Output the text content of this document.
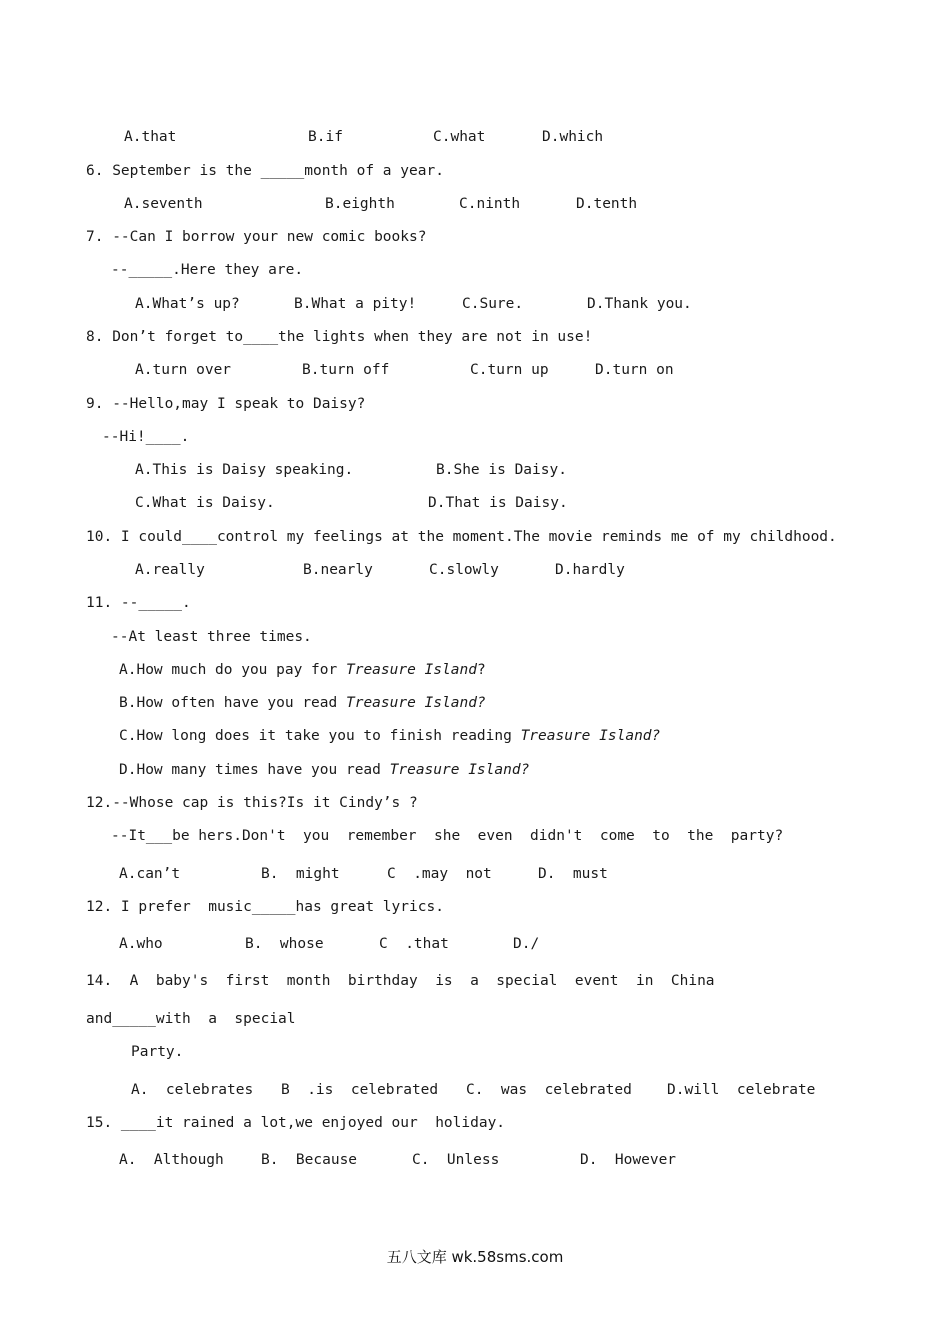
A.that	B.if	C.what	D.which
6. September is the _____month of a year.
A.seventh	B.eighth	C.ninth	D.tenth
7. --Can I borrow your new comic books?
--_____.Here they are.
A.What’s up?	B.What a pity!	C.Sure.	D.Thank you.
8. Don’t forget to____the lights when they are not in use!
A.turn over	B.turn off	C.turn up	D.turn on
9. --Hello,may I speak to Daisy?
--Hi!____.
A.This is Daisy speaking.	B.She is Daisy.
C.What is Daisy.	D.That is Daisy.
10. I could____control my feelings at the moment.The movie reminds me of my childhood.
A.really	B.nearly	C.slowly	D.hardly
11. --_____.
--At least three times.
A.How much do you pay for Treasure Island?
B.How often have you read Treasure Island?
C.How long does it take you to finish reading Treasure Island?
D.How many times have you read Treasure Island?
12.--Whose cap is this?Is it Cindy’s ?
--It___be hers.Don't  you  remember  she  even  didn't  come  to  the  party?
A.can’t	B.  might	C  .may  not	D.  must
12. I prefer  music_____has great lyrics.
A.who	B.  whose	C  .that	D./
14.  A  baby's  first  month  birthday  is  a  special  event  in  China
and_____with  a  special
Party.
A.  celebrates B  .is  celebrated C.  was  celebrated D.will  celebrate
15. ____it rained a lot,we enjoyed our  holiday.
A.  Although	B.  Because	C.  Unless	D.  However
五八文库 wk.58sms.com
